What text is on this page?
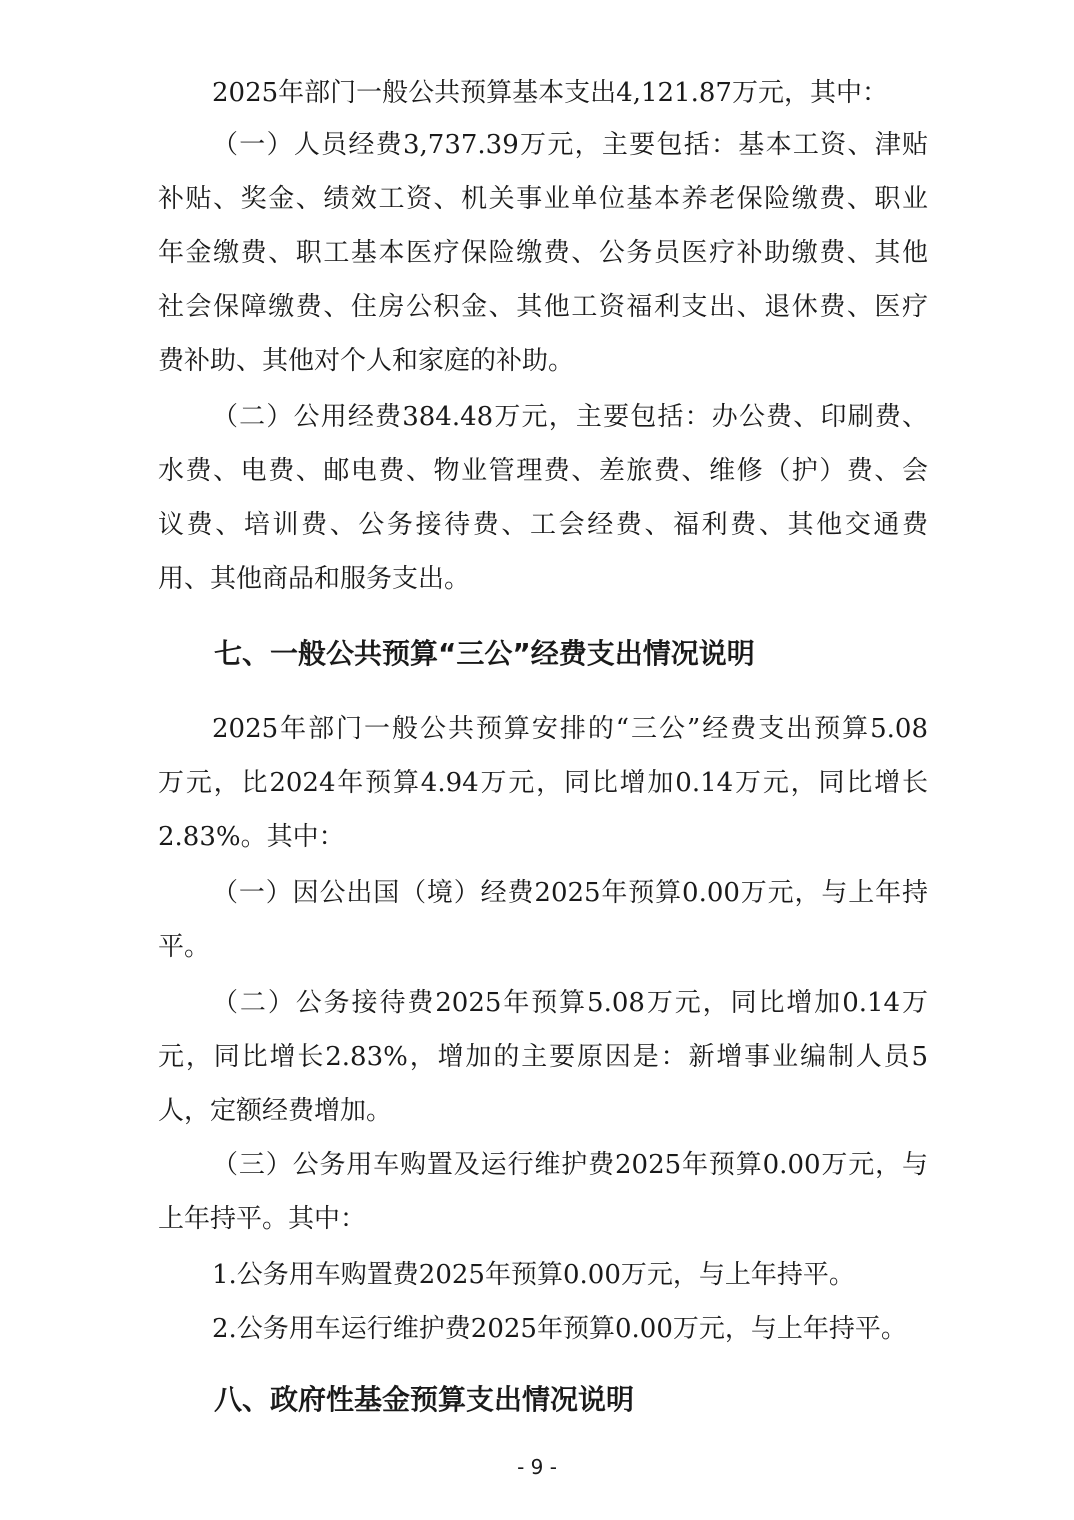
2025年部门一般公共预算基本支出4,121.87万元，其中：
（一）人员经费3,737.39万元，主要包括：基本工资、津贴
补贴、奖金、绩效工资、机关事业单位基本养老保险缴费、职业
年金缴费、职工基本医疗保险缴费、公务员医疗补助缴费、其他
社会保障缴费、住房公积金、其他工资福利支出、退休费、医疗
费补助、其他对个人和家庭的补助。
（二）公用经费384.48万元，主要包括：办公费、印刷费、
水费、电费、邮电费、物业管理费、差旅费、维修（护）费、会
议费、培训费、公务接待费、工会经费、福利费、其他交通费
用、其他商品和服务支出。
七、一般公共预算“三公”经费支出情况说明
2025年部门一般公共预算安排的“三公”经费支出预算5.08
万元，比2024年预算4.94万元，同比增加0.14万元，同比增长
2.83%。其中：
（一）因公出国（境）经费2025年预算0.00万元，与上年持
平。
（二）公务接待费2025年预算5.08万元，同比增加0.14万
元，同比增长2.83%，增加的主要原因是：新增事业编制人员5
人，定额经费增加。
（三）公务用车购置及运行维护费2025年预算0.00万元，与
上年持平。其中：
1.公务用车购置费2025年预算0.00万元，与上年持平。
2.公务用车运行维护费2025年预算0.00万元，与上年持平。
八、政府性基金预算支出情况说明
- 9 -
